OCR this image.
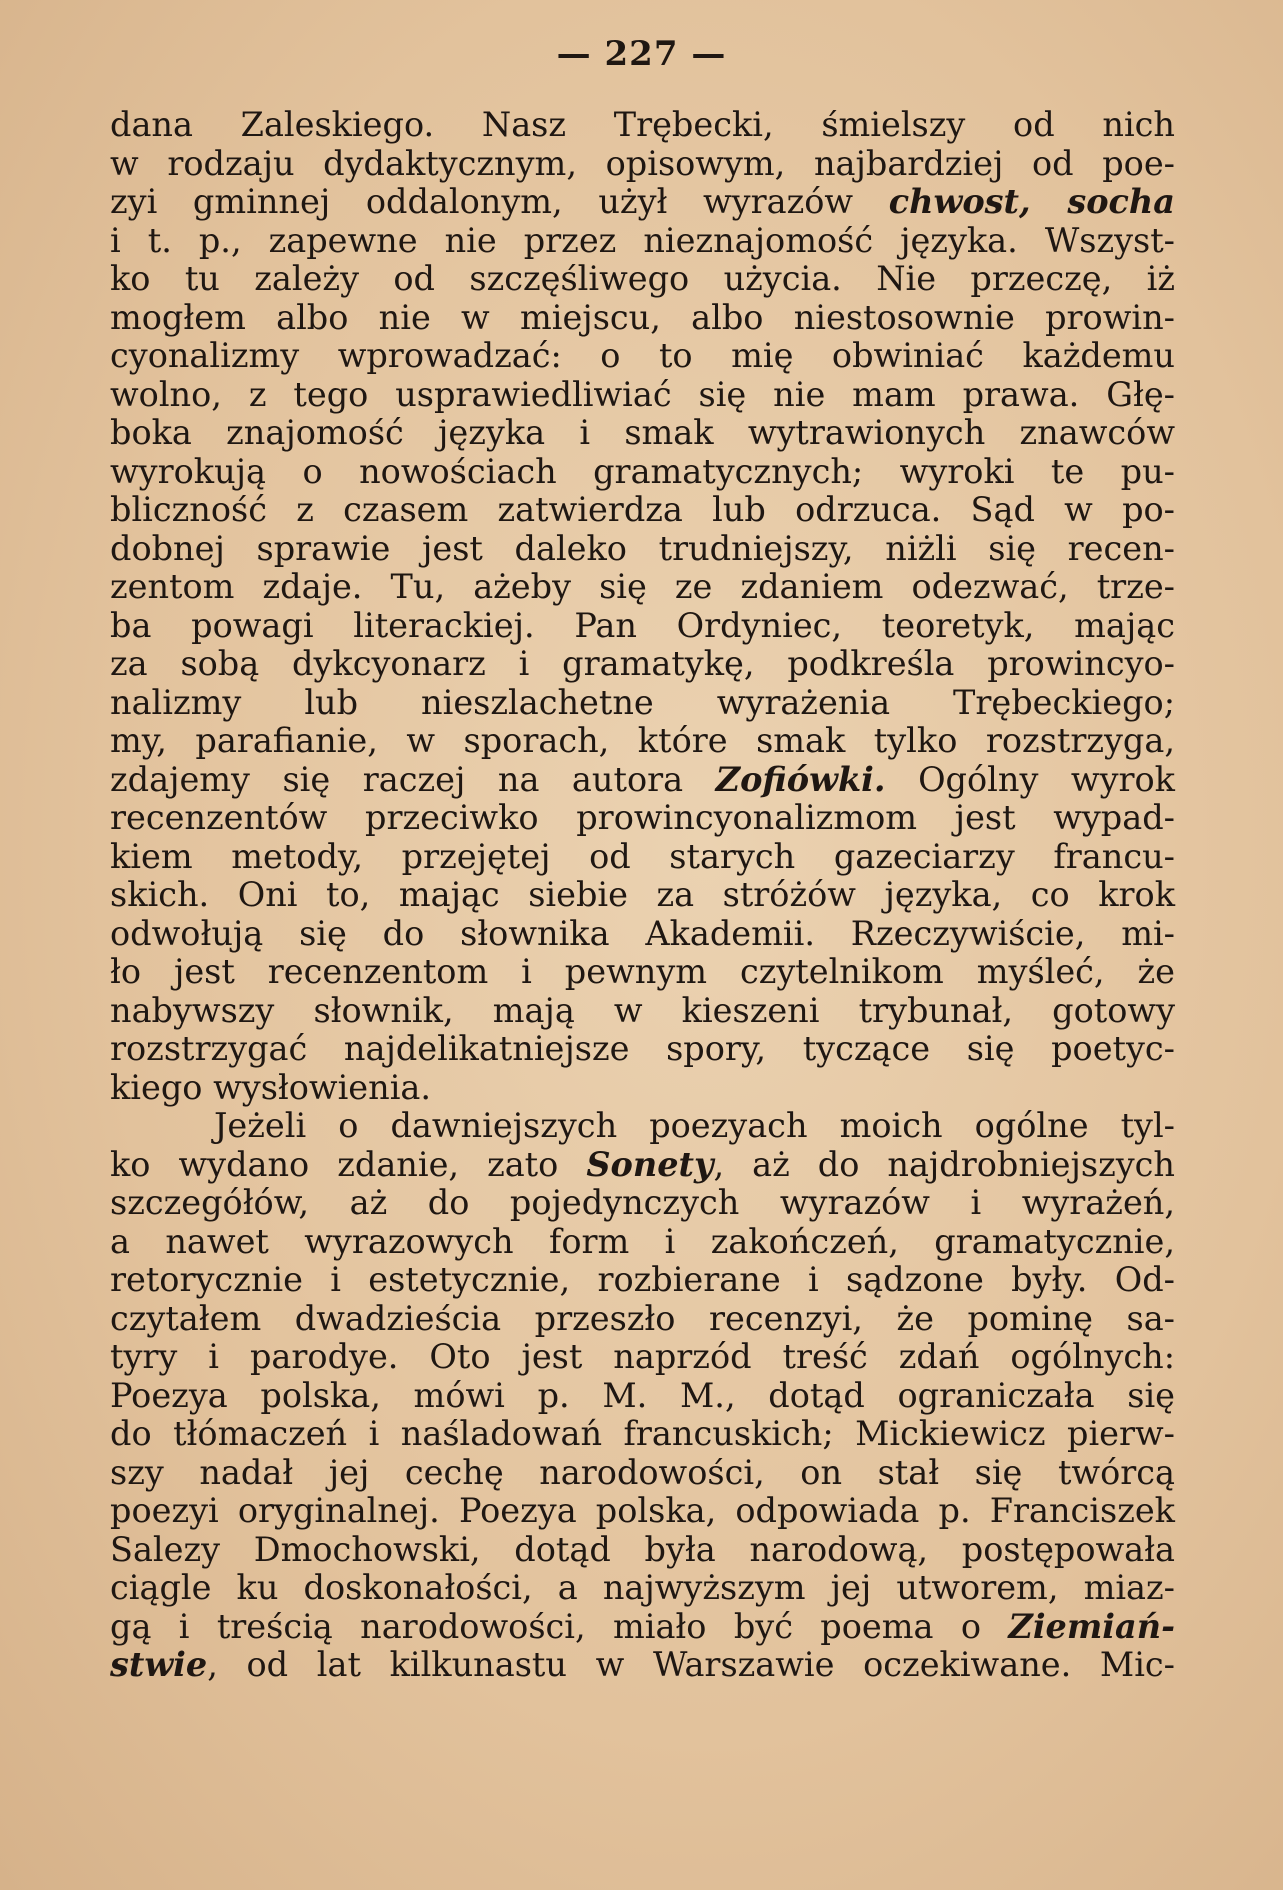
— 227 —
dana Zaleskiego. Nasz Trębecki, śmielszy od nich
w rodzaju dydaktycznym, opisowym, najbardziej od poe-
zyi gminnej oddalonym, użył wyrazów chwost, socha
i t. p., zapewne nie przez nieznajomość języka. Wszyst-
ko tu zależy od szczęśliwego użycia. Nie przeczę, iż
mogłem albo nie w miejscu, albo niestosownie prowin-
cyonalizmy wprowadzać: o to mię obwiniać każdemu
wolno, z tego usprawiedliwiać się nie mam prawa. Głę-
boka znajomość języka i smak wytrawionych znawców
wyrokują o nowościach gramatycznych; wyroki te pu-
bliczność z czasem zatwierdza lub odrzuca. Sąd w po-
dobnej sprawie jest daleko trudniejszy, niżli się recen-
zentom zdaje. Tu, ażeby się ze zdaniem odezwać, trze-
ba powagi literackiej. Pan Ordyniec, teoretyk, mając
za sobą dykcyonarz i gramatykę, podkreśla prowincyo-
nalizmy lub nieszlachetne wyrażenia Trębeckiego;
my, parafianie, w sporach, które smak tylko rozstrzyga,
zdajemy się raczej na autora Zofiówki. Ogólny wyrok
recenzentów przeciwko prowincyonalizmom jest wypad-
kiem metody, przejętej od starych gazeciarzy francu-
skich. Oni to, mając siebie za stróżów języka, co krok
odwołują się do słownika Akademii. Rzeczywiście, mi-
ło jest recenzentom i pewnym czytelnikom myśleć, że
nabywszy słownik, mają w kieszeni trybunał, gotowy
rozstrzygać najdelikatniejsze spory, tyczące się poetyc-
kiego wysłowienia.
Jeżeli o dawniejszych poezyach moich ogólne tyl-
ko wydano zdanie, zato Sonety, aż do najdrobniejszych
szczegółów, aż do pojedynczych wyrazów i wyrażeń,
a nawet wyrazowych form i zakończeń, gramatycznie,
retorycznie i estetycznie, rozbierane i sądzone były. Od-
czytałem dwadzieścia przeszło recenzyi, że pominę sa-
tyry i parodye. Oto jest naprzód treść zdań ogólnych:
Poezya polska, mówi p. M. M., dotąd ograniczała się
do tłómaczeń i naśladowań francuskich; Mickiewicz pierw-
szy nadał jej cechę narodowości, on stał się twórcą
poezyi oryginalnej. Poezya polska, odpowiada p. Franciszek
Salezy Dmochowski, dotąd była narodową, postępowała
ciągle ku doskonałości, a najwyższym jej utworem, miaz-
gą i treścią narodowości, miało być poema o Ziemiań-
stwie, od lat kilkunastu w Warszawie oczekiwane. Mic-
